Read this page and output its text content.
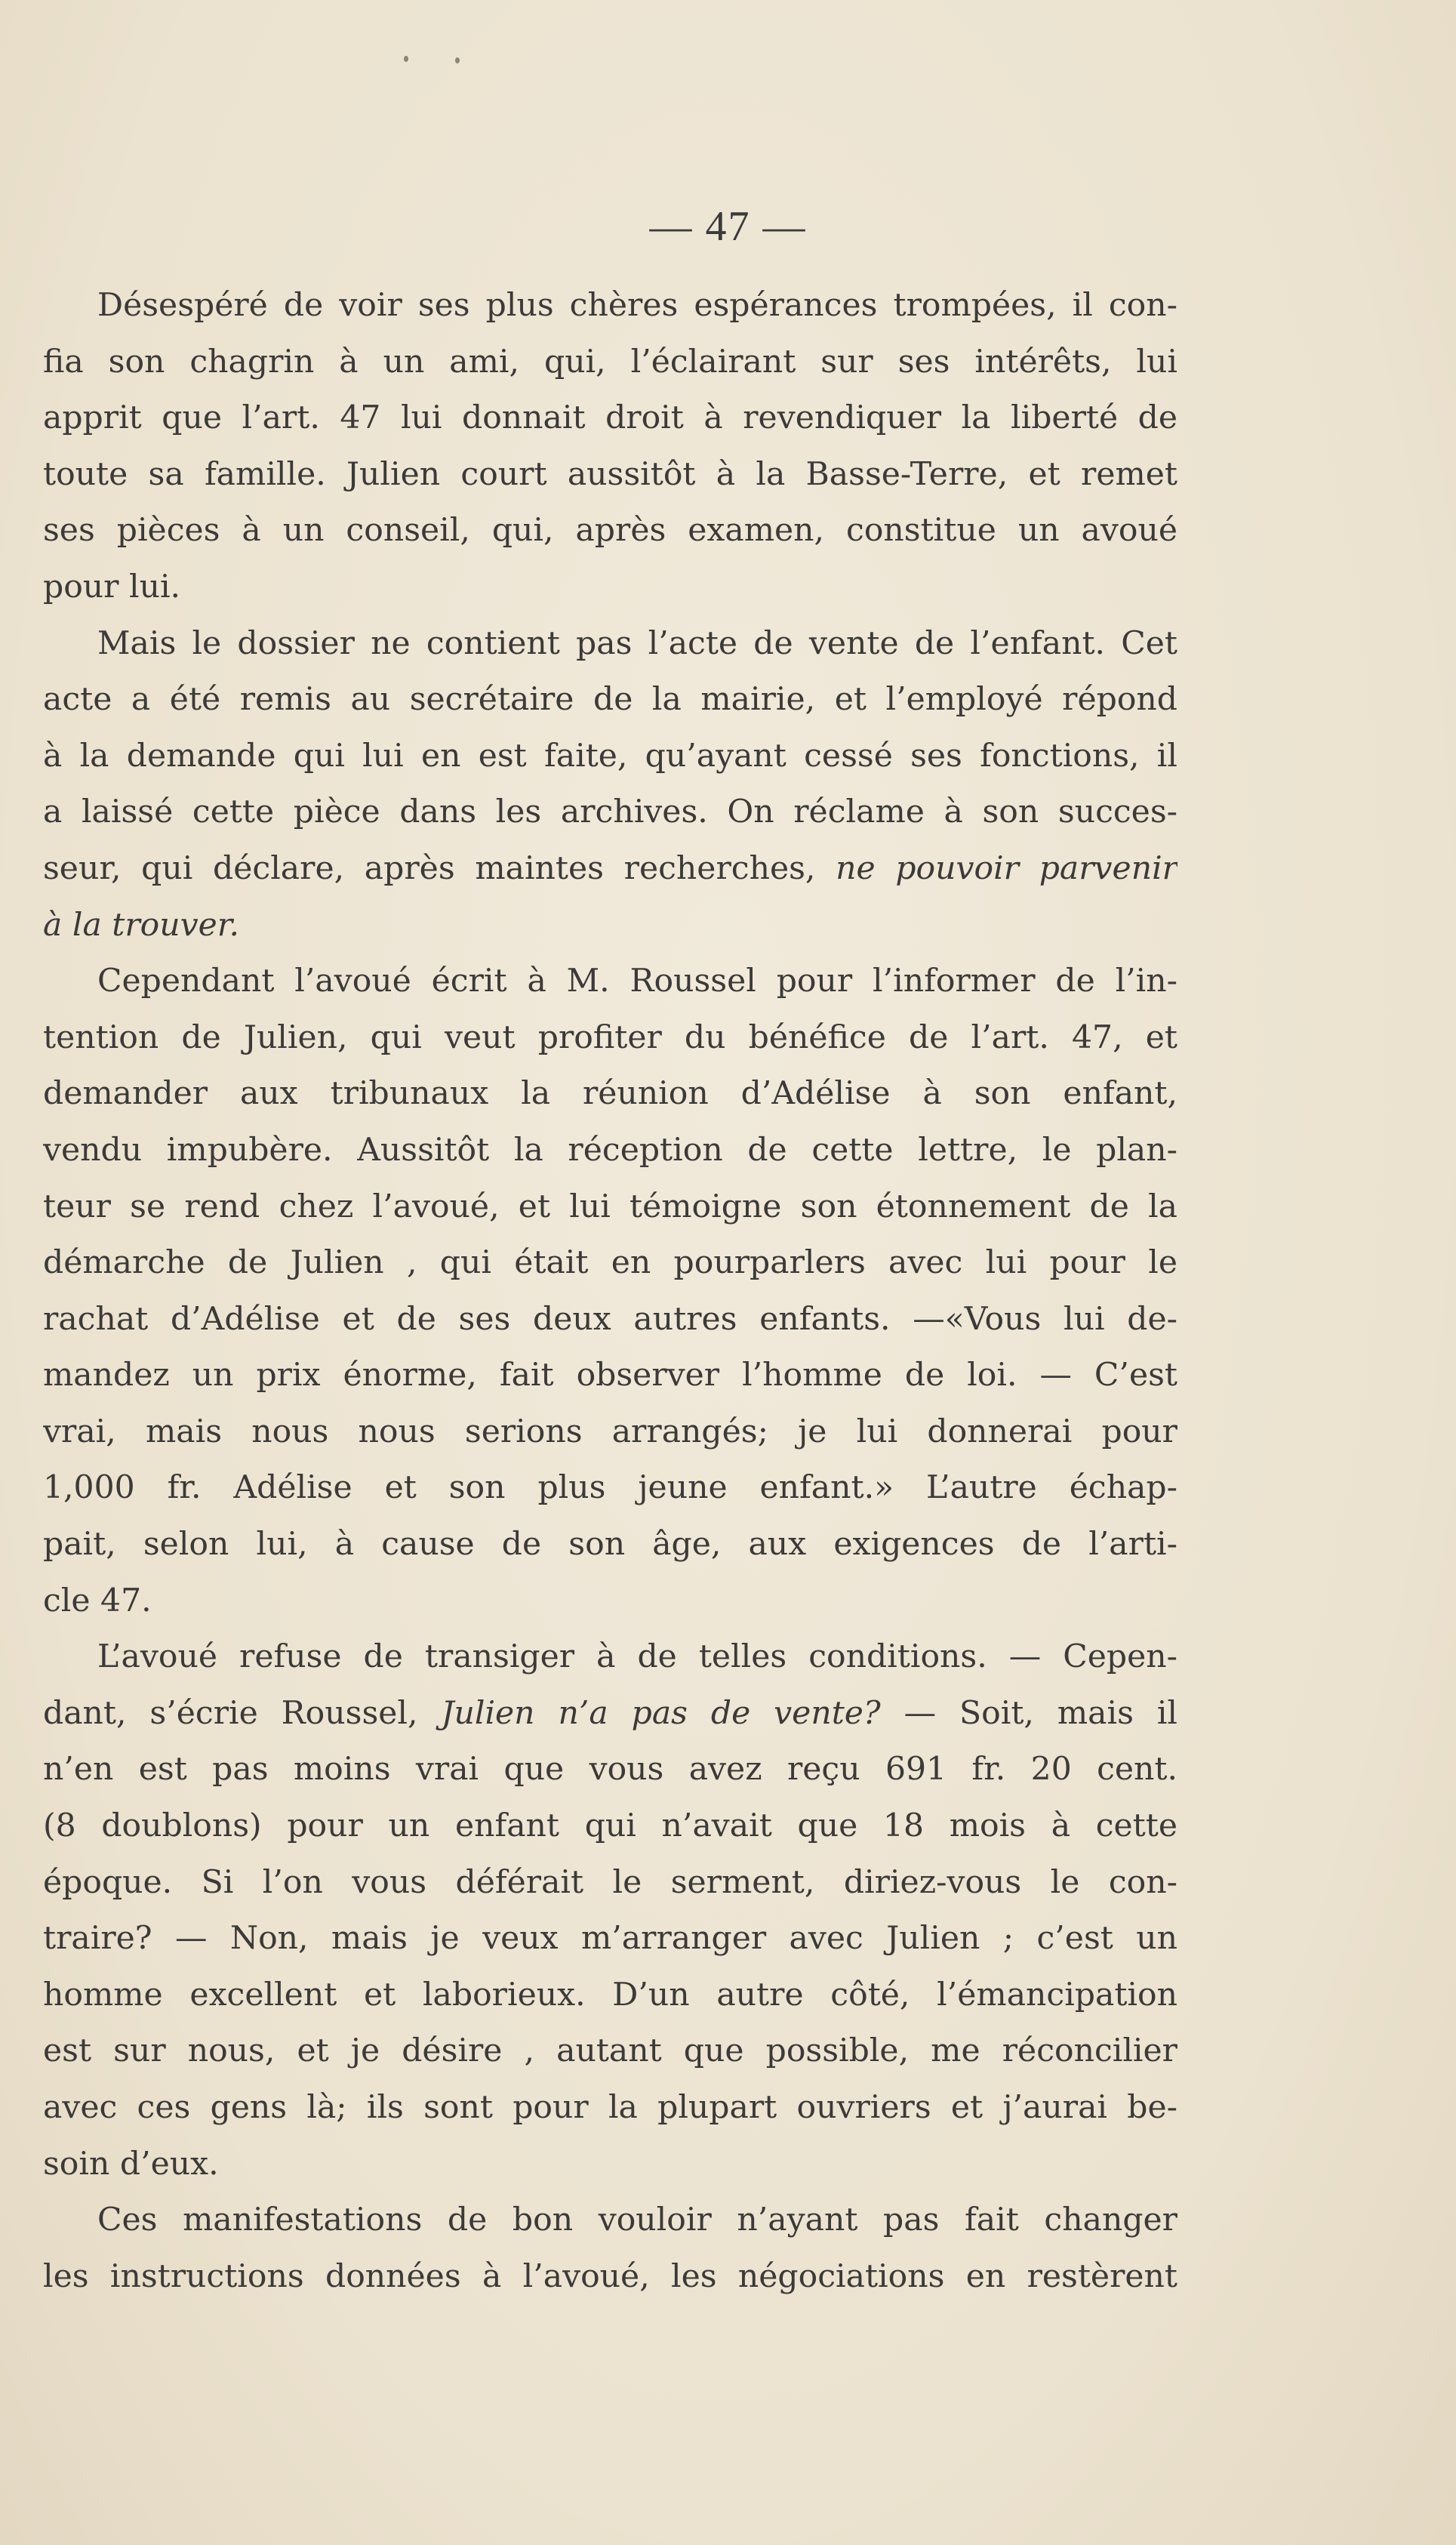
— 47 —
Désespéré de voir ses plus chères espérances trompées, il con-
fia son chagrin à un ami, qui, l’éclairant sur ses intérêts, lui
apprit que l’art. 47 lui donnait droit à revendiquer la liberté de
toute sa famille. Julien court aussitôt à la Basse-Terre, et remet
ses pièces à un conseil, qui, après examen, constitue un avoué
pour lui.
Mais le dossier ne contient pas l’acte de vente de l’enfant. Cet
acte a été remis au secrétaire de la mairie, et l’employé répond
à la demande qui lui en est faite, qu’ayant cessé ses fonctions, il
a laissé cette pièce dans les archives. On réclame à son succes-
seur, qui déclare, après maintes recherches, ne pouvoir parvenir
à la trouver.
Cependant l’avoué écrit à M. Roussel pour l’informer de l’in-
tention de Julien, qui veut profiter du bénéfice de l’art. 47, et
demander aux tribunaux la réunion d’Adélise à son enfant,
vendu impubère. Aussitôt la réception de cette lettre, le plan-
teur se rend chez l’avoué, et lui témoigne son étonnement de la
démarche de Julien , qui était en pourparlers avec lui pour le
rachat d’Adélise et de ses deux autres enfants. —«Vous lui de-
mandez un prix énorme, fait observer l’homme de loi. — C’est
vrai, mais nous nous serions arrangés; je lui donnerai pour
1,000 fr. Adélise et son plus jeune enfant.» L’autre échap-
pait, selon lui, à cause de son âge, aux exigences de l’arti-
cle 47.
L’avoué refuse de transiger à de telles conditions. — Cepen-
dant, s’écrie Roussel, Julien n’a pas de vente? — Soit, mais il
n’en est pas moins vrai que vous avez reçu 691 fr. 20 cent.
(8 doublons) pour un enfant qui n’avait que 18 mois à cette
époque. Si l’on vous déférait le serment, diriez-vous le con-
traire? — Non, mais je veux m’arranger avec Julien ; c’est un
homme excellent et laborieux. D’un autre côté, l’émancipation
est sur nous, et je désire , autant que possible, me réconcilier
avec ces gens là; ils sont pour la plupart ouvriers et j’aurai be-
soin d’eux.
Ces manifestations de bon vouloir n’ayant pas fait changer
les instructions données à l’avoué, les négociations en restèrent
